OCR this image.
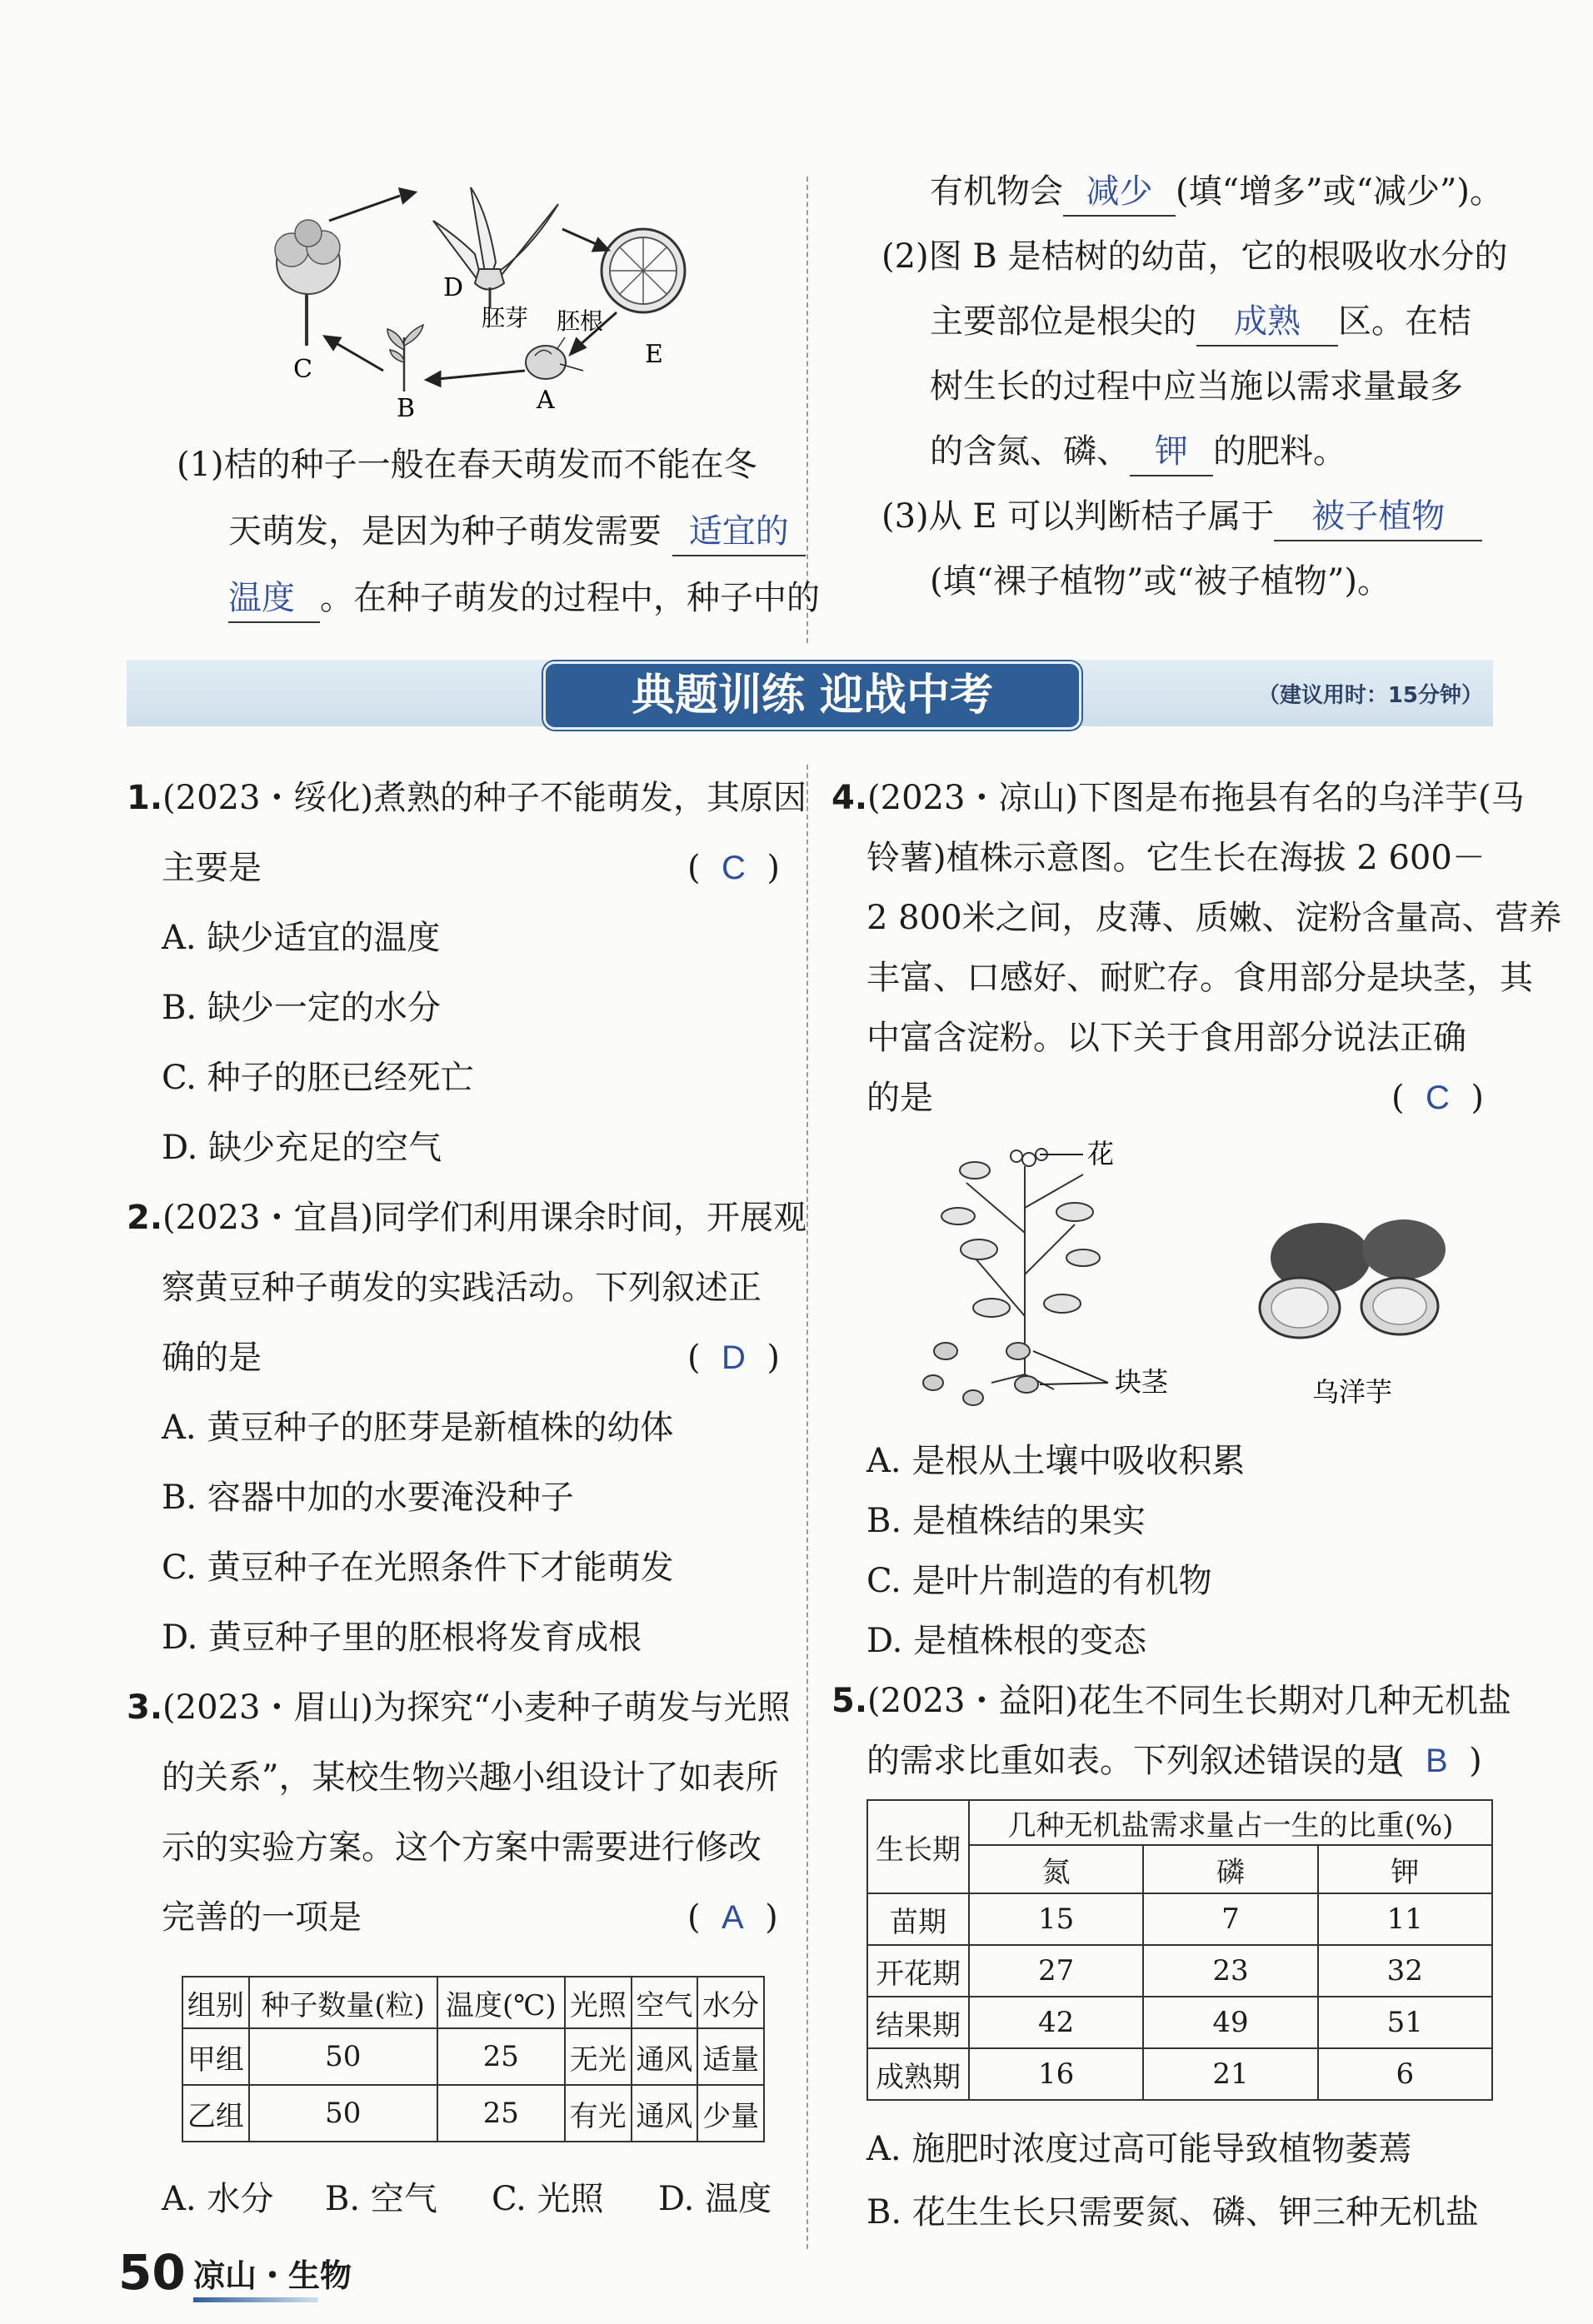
D
胚芽 胚根
E
C
B	A
(1)桔的种子一般在春天萌发而不能在冬
天萌发，是因为种子萌发需要 适宜的
温度 。在种子萌发的过程中，种子中的
有机物会 减少 (填“增多”或“减少”)。
(2)图 B 是桔树的幼苗，它的根吸收水分的
主要部位是根尖的 成熟 区。在桔
树生长的过程中应当施以需求量最多
的含氮、磷、 钾 的肥料。
(3)从 E 可以判断桔子属于 被子植物
(填“裸子植物”或“被子植物”)。
典题训练 迎战中考	（建议用时：15分钟）
1.(2023・绥化)煮熟的种子不能萌发，其原因
主要是	(  C  )
A. 缺少适宜的温度
B. 缺少一定的水分
C. 种子的胚已经死亡
D. 缺少充足的空气
2.(2023・宜昌)同学们利用课余时间，开展观
察黄豆种子萌发的实践活动。下列叙述正
确的是	(  D  )
A. 黄豆种子的胚芽是新植株的幼体
B. 容器中加的水要淹没种子
C. 黄豆种子在光照条件下才能萌发
D. 黄豆种子里的胚根将发育成根
3.(2023・眉山)为探究“小麦种子萌发与光照
的关系”，某校生物兴趣小组设计了如表所
示的实验方案。这个方案中需要进行修改
完善的一项是	(  A  )
组别	种子数量(粒)	温度(℃)	光照	空气	水分
甲组	50	25	无光	通风	适量
乙组	50	25	有光	通风	少量
A. 水分 B. 空气 C. 光照 D. 温度
4.(2023・凉山)下图是布拖县有名的乌洋芋(马
铃薯)植株示意图。它生长在海拔 2 600－
2 800米之间，皮薄、质嫩、淀粉含量高、营养
丰富、口感好、耐贮存。食用部分是块茎，其
中富含淀粉。以下关于食用部分说法正确
的是	(  C  )
花
块茎	乌洋芋
A. 是根从土壤中吸收积累
B. 是植株结的果实
C. 是叶片制造的有机物
D. 是植株根的变态
5.(2023・益阳)花生不同生长期对几种无机盐
的需求比重如表。下列叙述错误的是
(  B  )
生长期	几种无机盐需求量占一生的比重(%)		
	氮	磷	钾
苗期	15	7	11
开花期	27	23	32
结果期	42	49	51
成熟期	16	21	6
A. 施肥时浓度过高可能导致植物萎蔫
B. 花生生长只需要氮、磷、钾三种无机盐
50 凉山・生物
